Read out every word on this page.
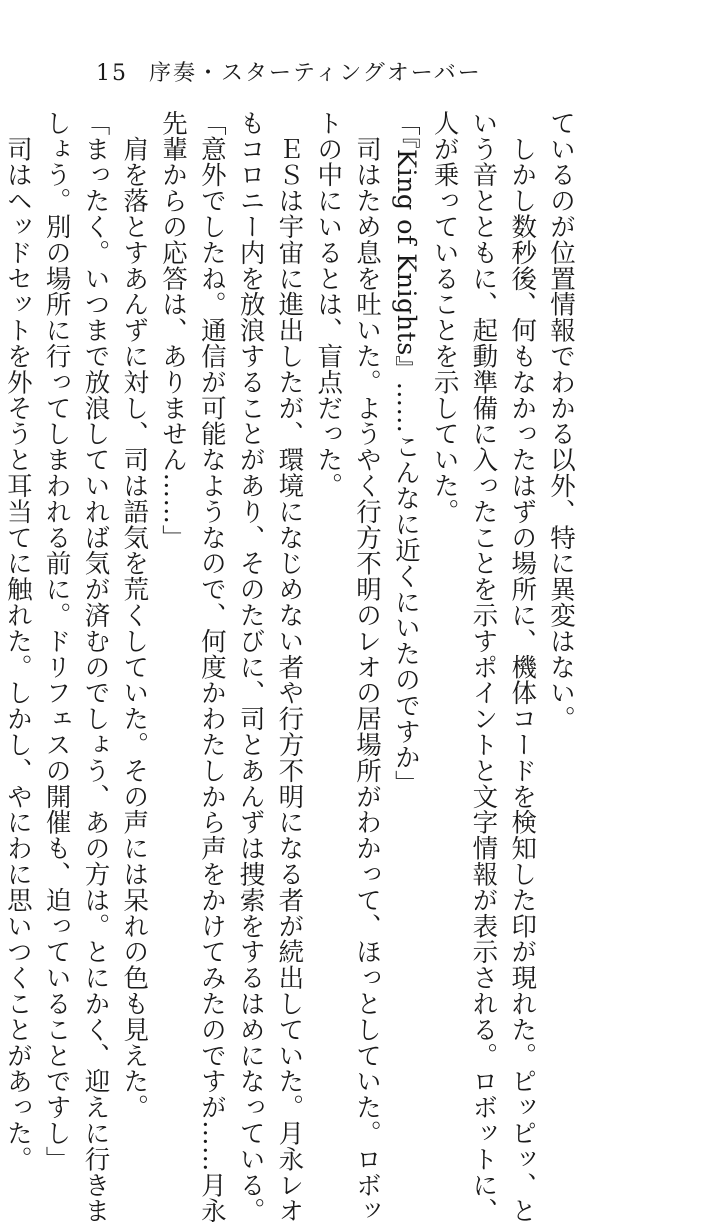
15 序奏・スターティングオーバー
ているのが位置情報でわかる以外、特に異変はない。
　しかし数秒後、何もなかったはずの場所に、機体コードを検知した印が現れた。ピッピッ、と
いう音とともに、起動準備に入ったことを示すポイントと文字情報が表示される。ロボットに、
人が乗っていることを示していた。
「『King of Knights』……こんなに近くにいたのですか」
　司はため息を吐いた。ようやく行方不明のレオの居場所がわかって、ほっとしていた。ロボッ
トの中にいるとは、盲点だった。
　ＥＳは宇宙に進出したが、環境になじめない者や行方不明になる者が続出していた。月永レオ
もコロニー内を放浪することがあり、そのたびに、司とあんずは捜索をするはめになっている。
「意外でしたね。通信が可能なようなので、何度かわたしから声をかけてみたのですが……月永
先輩からの応答は、ありません……」
　肩を落とすあんずに対し、司は語気を荒くしていた。その声には呆れの色も見えた。
「まったく。いつまで放浪していれば気が済むのでしょう、あの方は。とにかく、迎えに行きま
しょう。別の場所に行ってしまわれる前に。ドリフェスの開催も、迫っていることですし」
　司はヘッドセットを外そうと耳当てに触れた。しかし、やにわに思いつくことがあった。
